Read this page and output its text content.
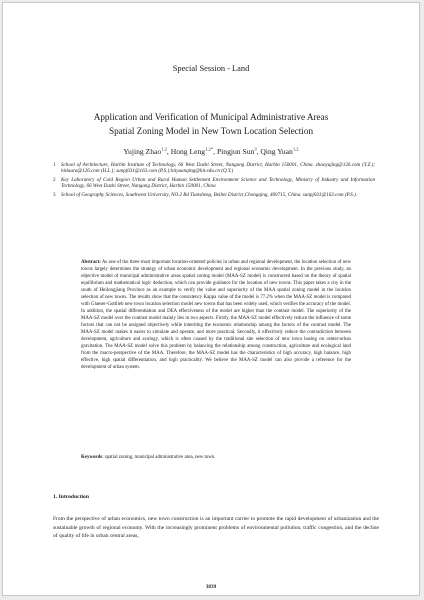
Special Session - Land
Application and Verification of Municipal Administrative Areas
Spatial Zoning Model in New Town Location Selection
Yujing Zhao$^{1,2}$, Hong Leng$^{1,2*}$, Pingjun Sun$^3$, Qing Yuan$^{1,2}$
1	School of Architecture, Harbin Institute of Technology, 66 West Dazhi Street, Nangang District, Harbin 150001, China. zhaoyujing@126.com (Y.Z.); hitlaura@126.com (H.L.); sunpj031@163.com (P.S.);hityuanqing@hit.edu.cn (Q.Y.)
2	Key Laboratory of Cold Region Urban and Rural Human Settlement Environment Science and Technology, Ministry of Industry and Information Technology, 66 West Dazhi Street, Nangang District, Harbin 150001, China
3	School of Geography Sciences, Southwest University, NO.2 Rd Tiansheng, Beibei District,Chongqing, 400715, China. sunpj031@163.com (P.S.).
Abstract: As one of the three most important location-oriented policies in urban and regional development, the location selection of new towns largely determines the strategy of urban economic development and regional economic development. In the previous study, an objective model of municipal administrative areas spatial zoning model (MAA-SZ model) is constructed based on the theory of spatial equilibrium and mathematical logic deduction, which can provide guidance for the location of new towns. This paper takes a city in the south of Heilongjiang Province as an example to verify the value and superiority of the MAA spatial zoning model in the location selection of new towns. The results show that the consistency Kappa value of the model is 77.2% when the MAA-SZ model is compared with Glaeser-Gottlieb new town location selection model new towns that has been widely used, which verifies the accuracy of the model. In addition, the spatial differentiation and DEA effectiveness of the model are higher than the contrast model. The superiority of the MAA-SZ model over the contrast model mainly lies in two aspects. Firstly, the MAA-SZ model effectively reduce the influence of some factors that can not be assigned objectively while inheriting the economic relationship among the factors of the contrast model. The MAA-SZ model makes it easier to simulate and operate, and more practical. Secondly, it effectively reduce the contradiction between development, agriculture and ecology, which is often caused by the traditional site selection of new town basing on center-urban gravitation. The MAA-SZ model solve this problem by balancing the relationship among construction, agriculture and ecological land from the macro-perspective of the MAA. Therefore, the MAA-SZ model has the characteristics of high accuracy, high balance, high effective, high spatial differentiation, and high practicality. We believe the MAA-SZ model can also provide a reference for the development of urban system.
Keywords: spatial zoning, municipal administrative area, new town.
1. Introduction
From the perspective of urban economics, new town construction is an important carrier to promote the rapid development of urbanization and the sustainable growth of regional economy. With the increasingly prominent problems of environmental pollution, traffic congestion, and the decline of quality of life in urban central areas,
3839
